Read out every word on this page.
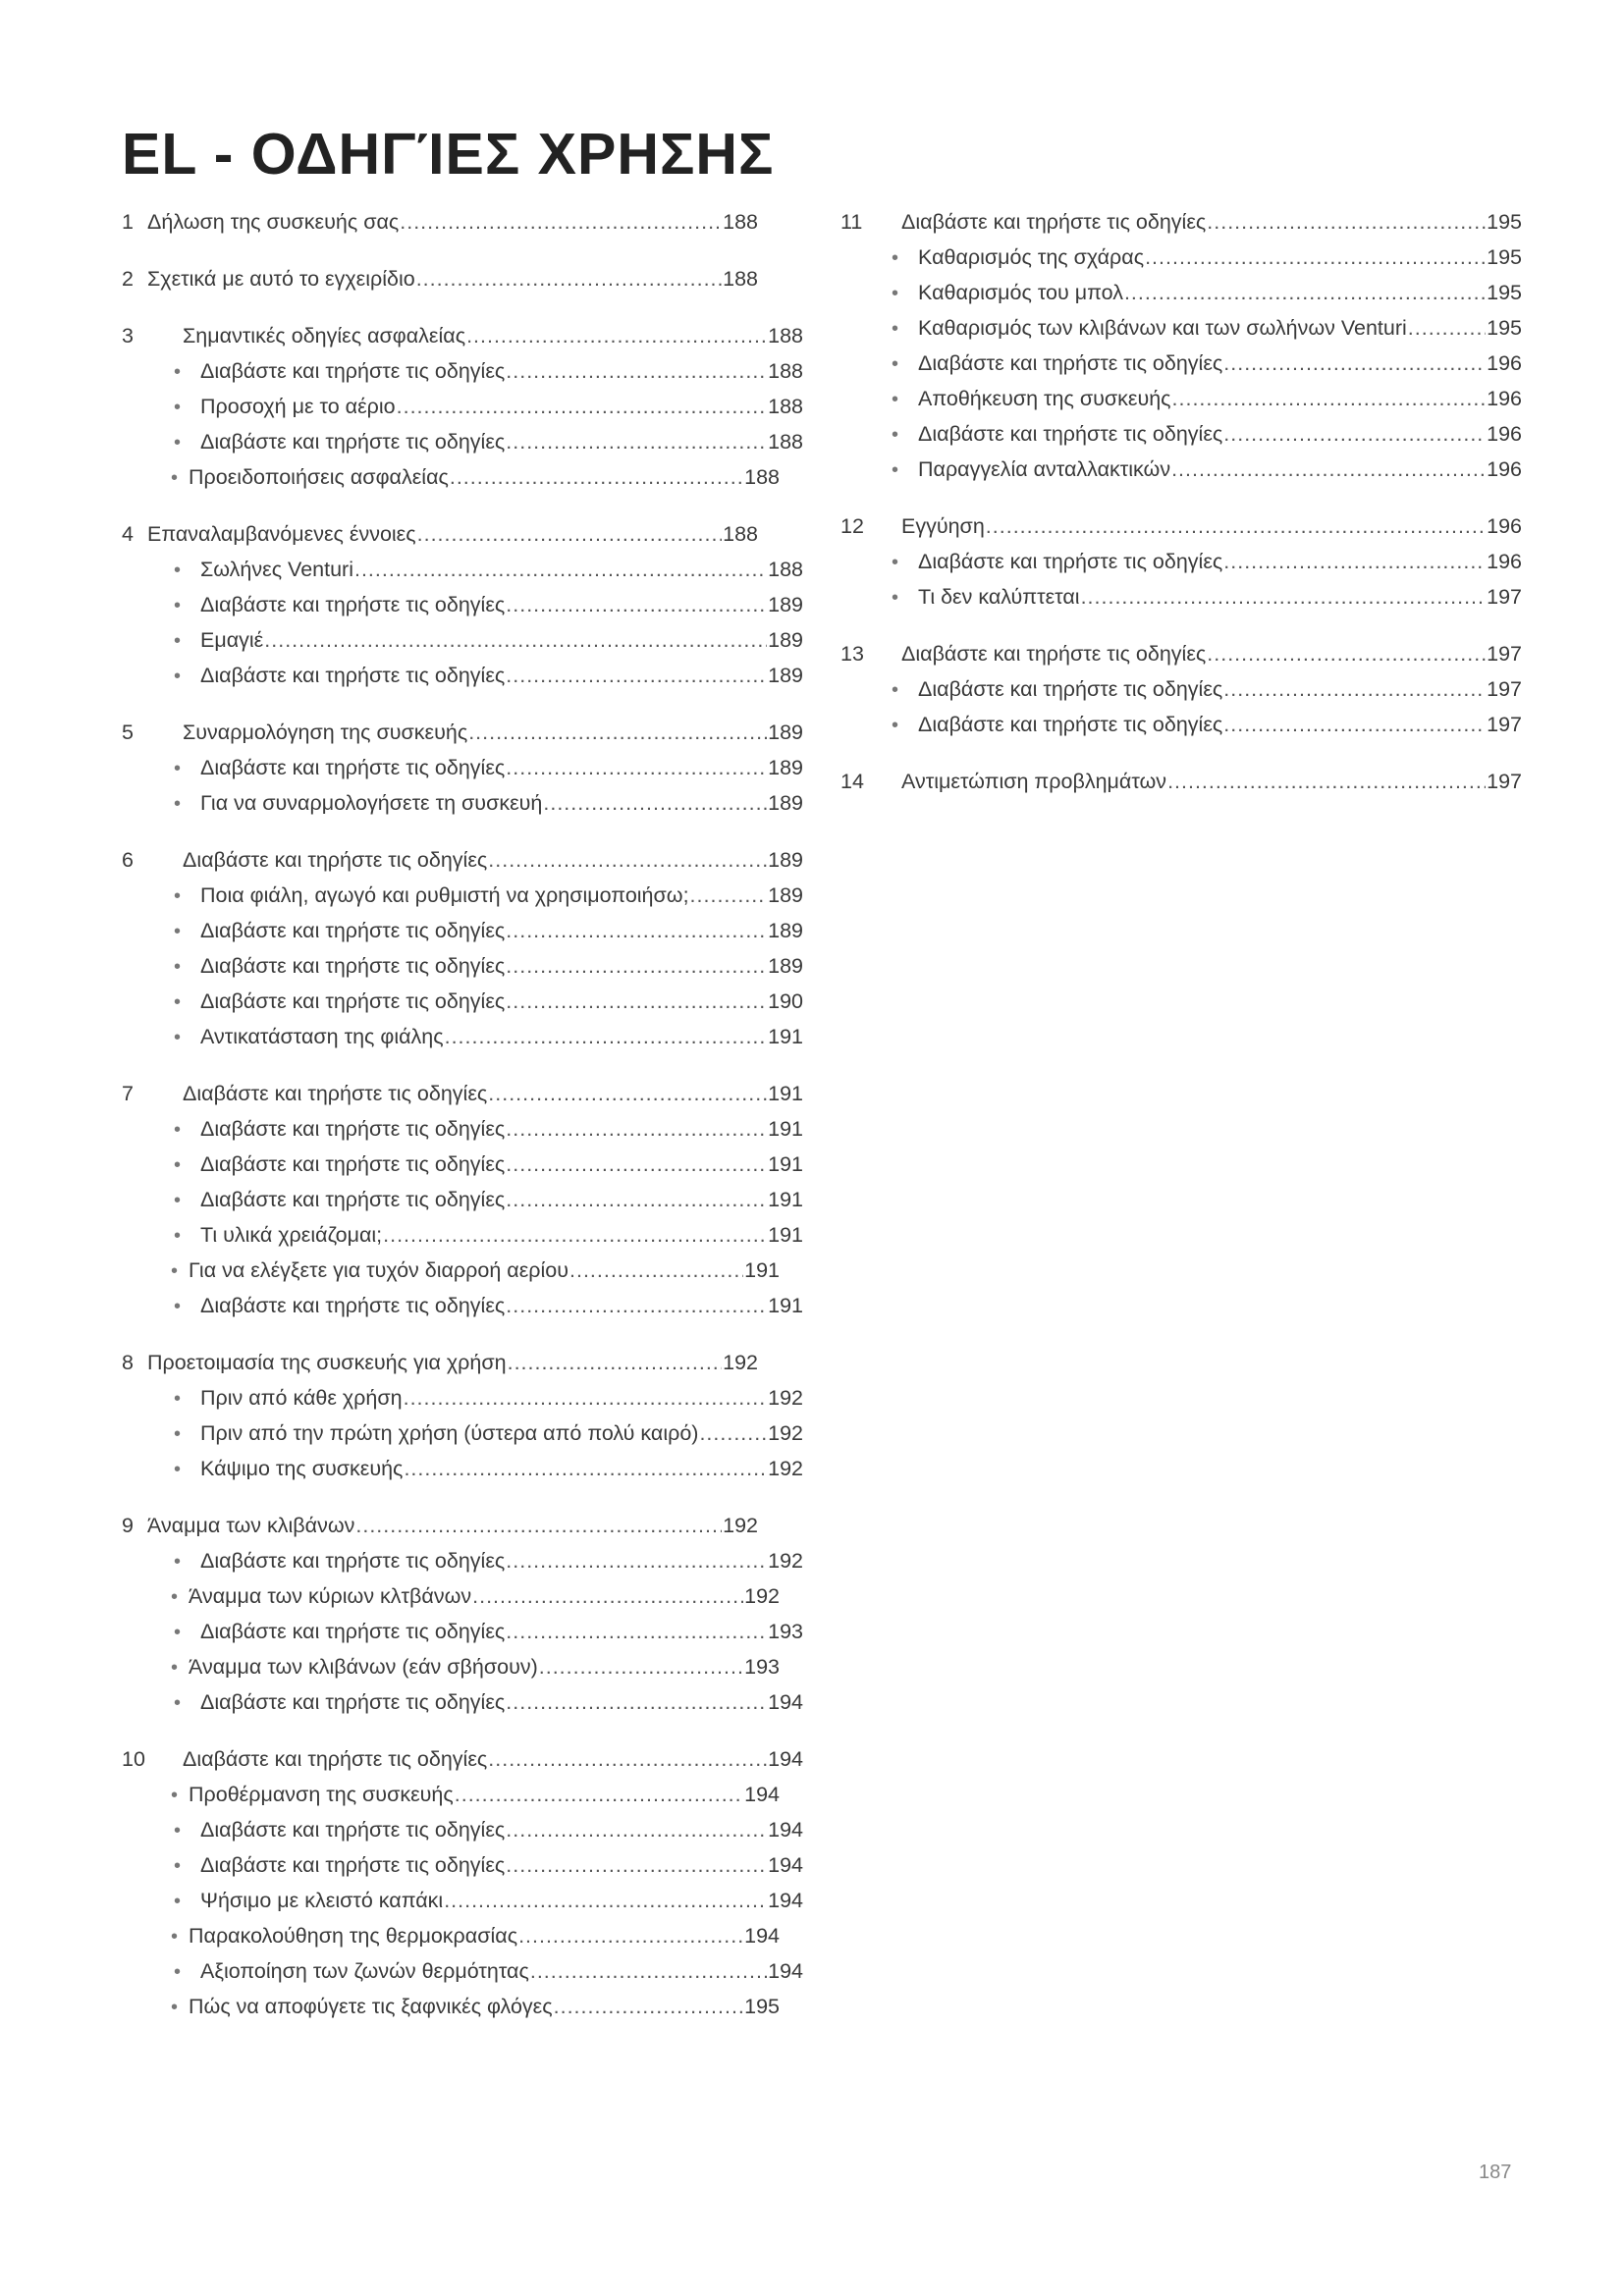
EL - ΟΔΗΓΊΕΣ ΧΡΗΣΗΣ
1 Δήλωση της συσκευής σας .....	188
2 Σχετικά με αυτό το εγχειρίδιο .....	188
3	Σημαντικές οδηγίες ασφαλείας .....	188
• Διαβάστε και τηρήστε τις οδηγίες .....	188
• Προσοχή με το αέριο .....	188
• Διαβάστε και τηρήστε τις οδηγίες .....	188
• Προειδοποιήσεις ασφαλείας .....	188
4 Επαναλαμβανόμενες έννοιες .....	188
• Σωλήνες Venturi .....	188
• Διαβάστε και τηρήστε τις οδηγίες .....	189
• Εμαγιέ .....	189
• Διαβάστε και τηρήστε τις οδηγίες .....	189
5	Συναρμολόγηση της συσκευής .....	189
• Διαβάστε και τηρήστε τις οδηγίες .....	189
• Για να συναρμολογήσετε τη συσκευή .....	189
6	Διαβάστε και τηρήστε τις οδηγίες .....	189
• Ποια φιάλη, αγωγό και ρυθμιστή να χρησιμοποιήσω; .....	189
• Διαβάστε και τηρήστε τις οδηγίες .....	189
• Διαβάστε και τηρήστε τις οδηγίες .....	189
• Διαβάστε και τηρήστε τις οδηγίες .....	190
• Αντικατάσταση της φιάλης .....	191
7	Διαβάστε και τηρήστε τις οδηγίες .....	191
• Διαβάστε και τηρήστε τις οδηγίες .....	191
• Διαβάστε και τηρήστε τις οδηγίες .....	191
• Διαβάστε και τηρήστε τις οδηγίες .....	191
• Τι υλικά χρειάζομαι; .....	191
• Για να ελέγξετε για τυχόν διαρροή αερίου .....	191
• Διαβάστε και τηρήστε τις οδηγίες .....	191
8 Προετοιμασία της συσκευής για χρήση .....	192
• Πριν από κάθε χρήση .....	192
• Πριν από την πρώτη χρήση (ύστερα από πολύ καιρό) .....	192
• Κάψιμο της συσκευής .....	192
9 Άναμμα των κλιβάνων .....	192
• Διαβάστε και τηρήστε τις οδηγίες .....	192
• Άναμμα των κύριων κλτβάνων .....	192
• Διαβάστε και τηρήστε τις οδηγίες .....	193
• Άναμμα των κλιβάνων (εάν σβήσουν) .....	193
• Διαβάστε και τηρήστε τις οδηγίες .....	194
10	Διαβάστε και τηρήστε τις οδηγίες .....	194
• Προθέρμανση της συσκευής .....	194
• Διαβάστε και τηρήστε τις οδηγίες .....	194
• Διαβάστε και τηρήστε τις οδηγίες .....	194
• Ψήσιμο με κλειστό καπάκι .....	194
• Παρακολούθηση της θερμοκρασίας .....	194
• Αξιοποίηση των ζωνών θερμότητας .....	194
• Πώς να αποφύγετε τις ξαφνικές φλόγες .....	195
11	Διαβάστε και τηρήστε τις οδηγίες .....	195
• Καθαρισμός της σχάρας .....	195
• Καθαρισμός του μπολ .....	195
• Καθαρισμός των κλιβάνων και των σωλήνων Venturi .....	195
• Διαβάστε και τηρήστε τις οδηγίες .....	196
• Αποθήκευση της συσκευής .....	196
• Διαβάστε και τηρήστε τις οδηγίες .....	196
• Παραγγελία ανταλλακτικών .....	196
12	Εγγύηση .....	196
• Διαβάστε και τηρήστε τις οδηγίες .....	196
• Τι δεν καλύπτεται .....	197
13	Διαβάστε και τηρήστε τις οδηγίες .....	197
• Διαβάστε και τηρήστε τις οδηγίες .....	197
• Διαβάστε και τηρήστε τις οδηγίες .....	197
14	Αντιμετώπιση προβλημάτων .....	197
187
